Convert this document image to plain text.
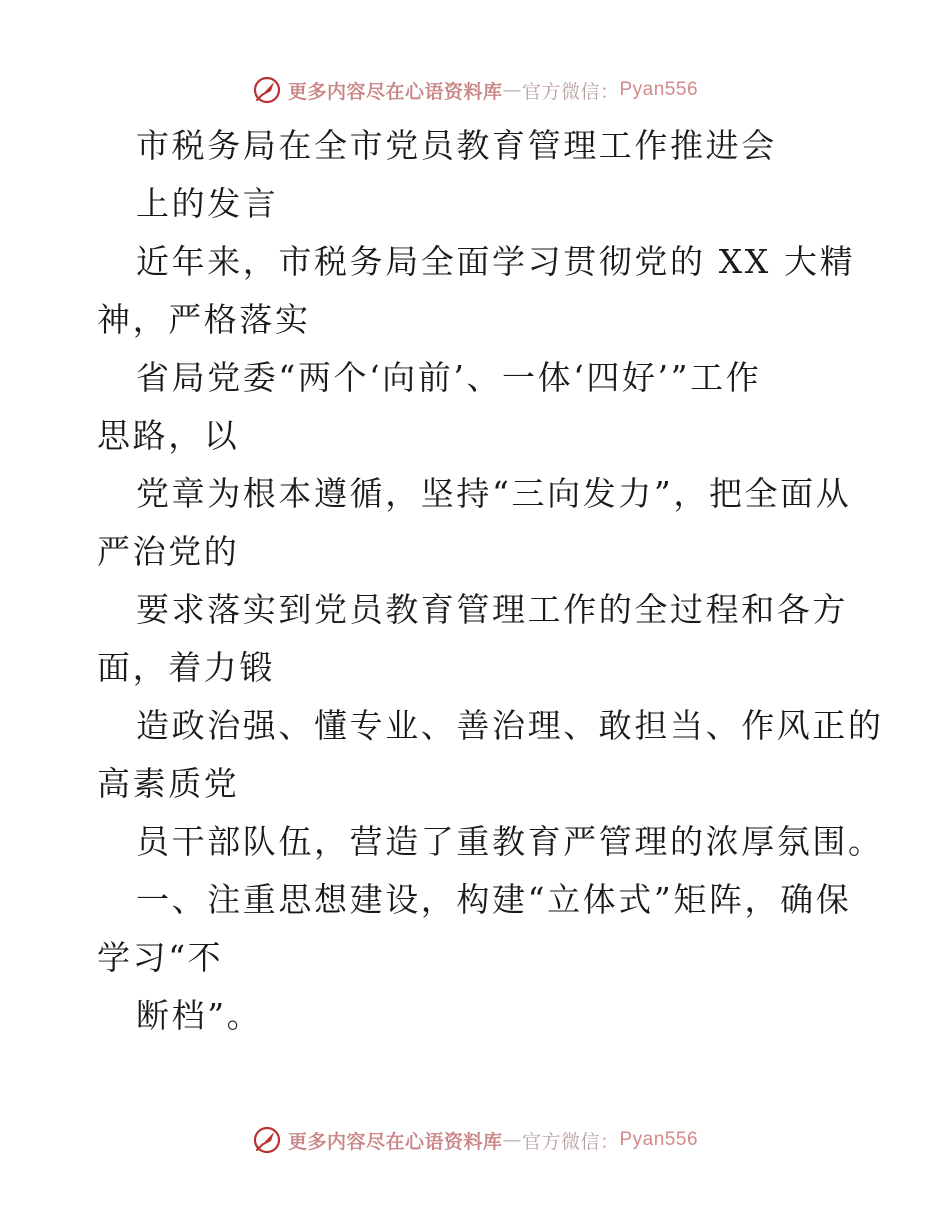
更多内容尽在心语资料库 — 官方微信： Pyan556
市税务局在全市党员教育管理工作推进会
上的发言
近年来，市税务局全面学习贯彻党的 XX 大精
神，严格落实
省局党委“两个‘向前’、一体‘四好’”工作
思路，以
党章为根本遵循，坚持“三向发力”，把全面从
严治党的
要求落实到党员教育管理工作的全过程和各方
面，着力锻
造政治强、懂专业、善治理、敢担当、作风正的
高素质党
员干部队伍，营造了重教育严管理的浓厚氛围。
一、注重思想建设，构建“立体式”矩阵，确保
学习“不
断档”。
更多内容尽在心语资料库 — 官方微信： Pyan556
